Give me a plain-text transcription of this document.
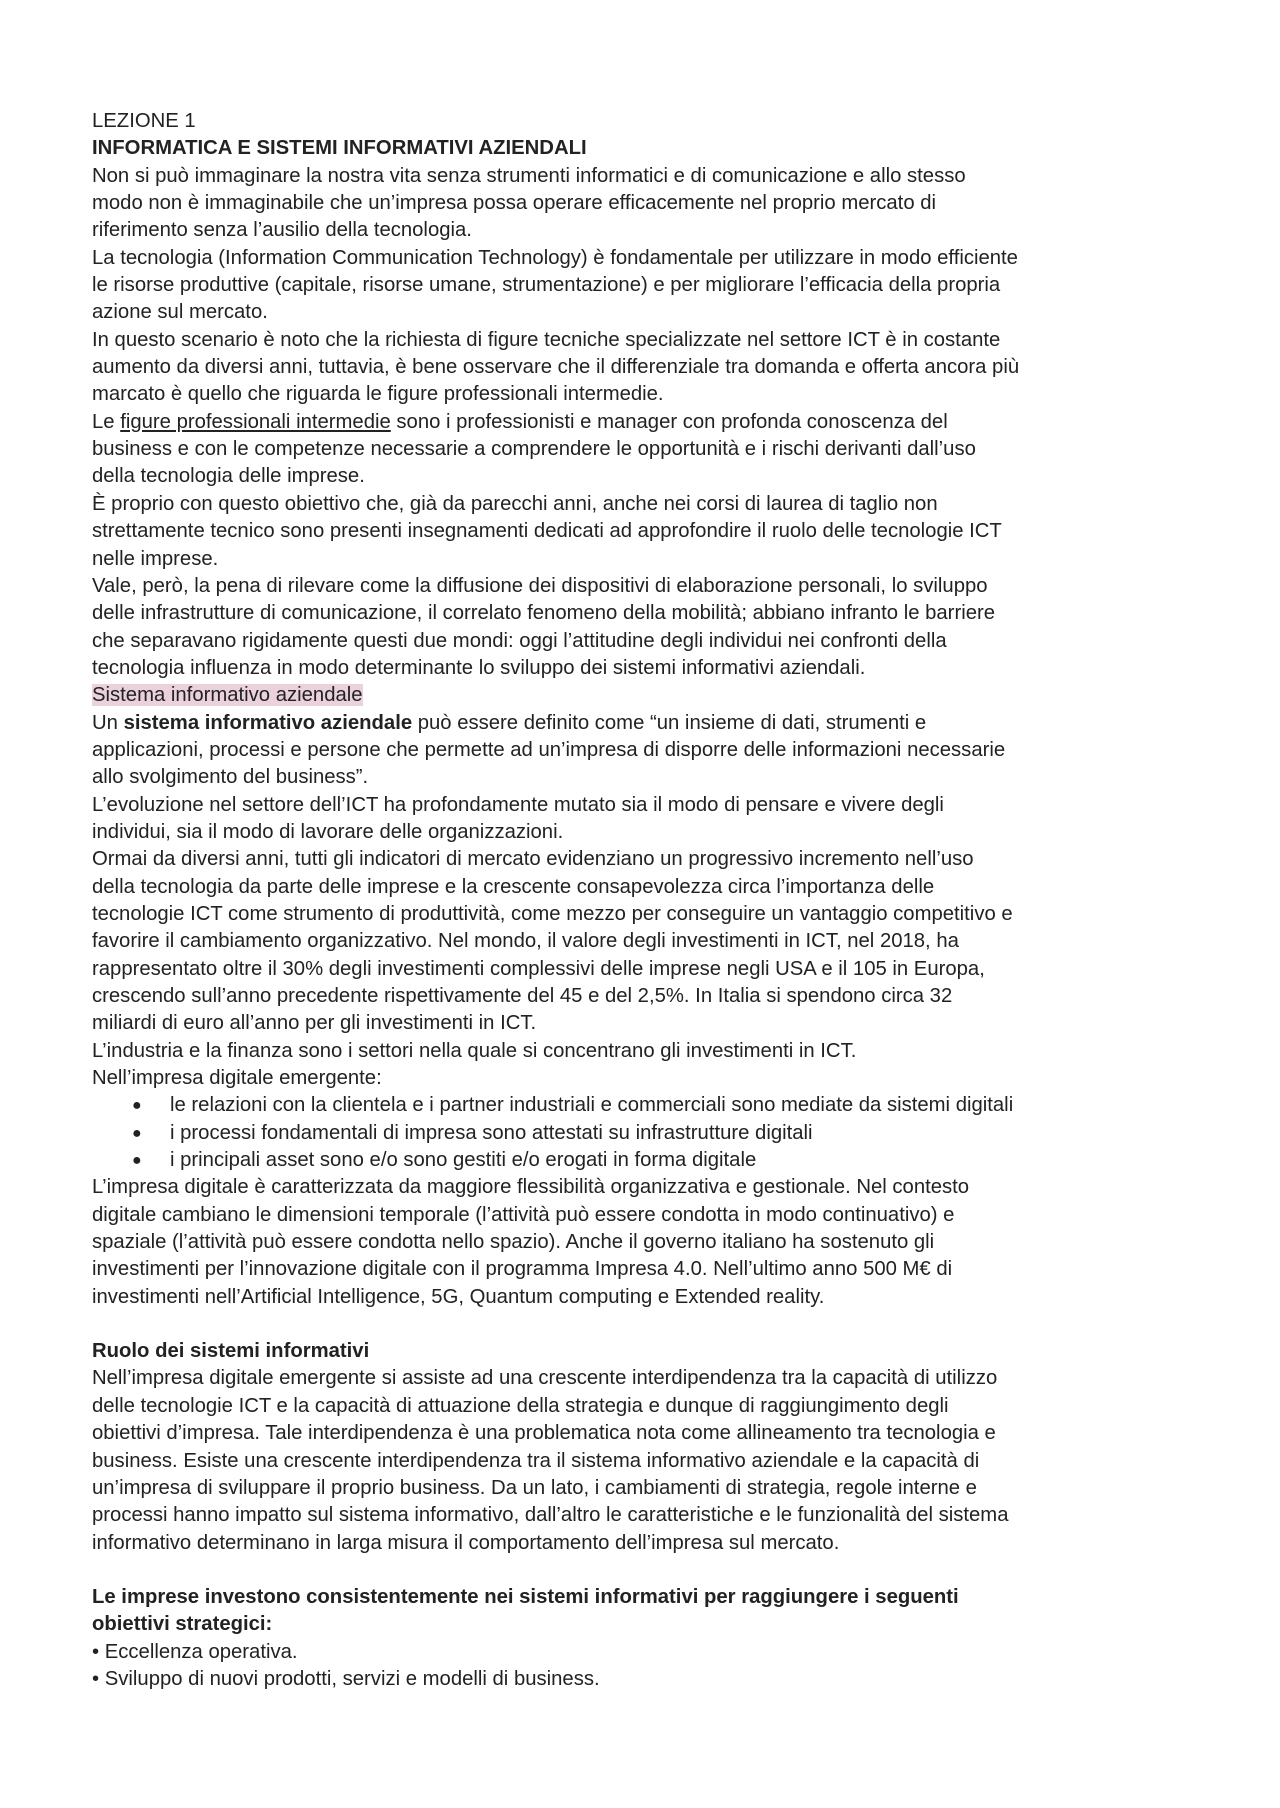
LEZIONE 1
INFORMATICA E SISTEMI INFORMATIVI AZIENDALI
Non si può immaginare la nostra vita senza strumenti informatici e di comunicazione e allo stesso
modo non è immaginabile che un’impresa possa operare efficacemente nel proprio mercato di
riferimento senza l’ausilio della tecnologia.
La tecnologia (Information Communication Technology) è fondamentale per utilizzare in modo efficiente
le risorse produttive (capitale, risorse umane, strumentazione) e per migliorare l’efficacia della propria
azione sul mercato.
In questo scenario è noto che la richiesta di figure tecniche specializzate nel settore ICT è in costante
aumento da diversi anni, tuttavia, è bene osservare che il differenziale tra domanda e offerta ancora più
marcato è quello che riguarda le figure professionali intermedie.
Le figure professionali intermedie sono i professionisti e manager con profonda conoscenza del
business e con le competenze necessarie a comprendere le opportunità e i rischi derivanti dall’uso
della tecnologia delle imprese.
È proprio con questo obiettivo che, già da parecchi anni, anche nei corsi di laurea di taglio non
strettamente tecnico sono presenti insegnamenti dedicati ad approfondire il ruolo delle tecnologie ICT
nelle imprese.
Vale, però, la pena di rilevare come la diffusione dei dispositivi di elaborazione personali, lo sviluppo
delle infrastrutture di comunicazione, il correlato fenomeno della mobilità; abbiano infranto le barriere
che separavano rigidamente questi due mondi: oggi l’attitudine degli individui nei confronti della
tecnologia influenza in modo determinante lo sviluppo dei sistemi informativi aziendali.
Sistema informativo aziendale
Un sistema informativo aziendale può essere definito come “un insieme di dati, strumenti e
applicazioni, processi e persone che permette ad un’impresa di disporre delle informazioni necessarie
allo svolgimento del business”.
L’evoluzione nel settore dell’ICT ha profondamente mutato sia il modo di pensare e vivere degli
individui, sia il modo di lavorare delle organizzazioni.
Ormai da diversi anni, tutti gli indicatori di mercato evidenziano un progressivo incremento nell’uso
della tecnologia da parte delle imprese e la crescente consapevolezza circa l’importanza delle
tecnologie ICT come strumento di produttività, come mezzo per conseguire un vantaggio competitivo e
favorire il cambiamento organizzativo. Nel mondo, il valore degli investimenti in ICT, nel 2018, ha
rappresentato oltre il 30% degli investimenti complessivi delle imprese negli USA e il 105 in Europa,
crescendo sull’anno precedente rispettivamente del 45 e del 2,5%. In Italia si spendono circa 32
miliardi di euro all’anno per gli investimenti in ICT.
L’industria e la finanza sono i settori nella quale si concentrano gli investimenti in ICT.
Nell’impresa digitale emergente:
● le relazioni con la clientela e i partner industriali e commerciali sono mediate da sistemi digitali
● i processi fondamentali di impresa sono attestati su infrastrutture digitali
● i principali asset sono e/o sono gestiti e/o erogati in forma digitale
L’impresa digitale è caratterizzata da maggiore flessibilità organizzativa e gestionale. Nel contesto
digitale cambiano le dimensioni temporale (l’attività può essere condotta in modo continuativo) e
spaziale (l’attività può essere condotta nello spazio). Anche il governo italiano ha sostenuto gli
investimenti per l’innovazione digitale con il programma Impresa 4.0. Nell’ultimo anno 500 M€ di
investimenti nell’Artificial Intelligence, 5G, Quantum computing e Extended reality.
Ruolo dei sistemi informativi
Nell’impresa digitale emergente si assiste ad una crescente interdipendenza tra la capacità di utilizzo
delle tecnologie ICT e la capacità di attuazione della strategia e dunque di raggiungimento degli
obiettivi d’impresa. Tale interdipendenza è una problematica nota come allineamento tra tecnologia e
business. Esiste una crescente interdipendenza tra il sistema informativo aziendale e la capacità di
un’impresa di sviluppare il proprio business. Da un lato, i cambiamenti di strategia, regole interne e
processi hanno impatto sul sistema informativo, dall’altro le caratteristiche e le funzionalità del sistema
informativo determinano in larga misura il comportamento dell’impresa sul mercato.
Le imprese investono consistentemente nei sistemi informativi per raggiungere i seguenti
obiettivi strategici:
• Eccellenza operativa.
• Sviluppo di nuovi prodotti, servizi e modelli di business.
